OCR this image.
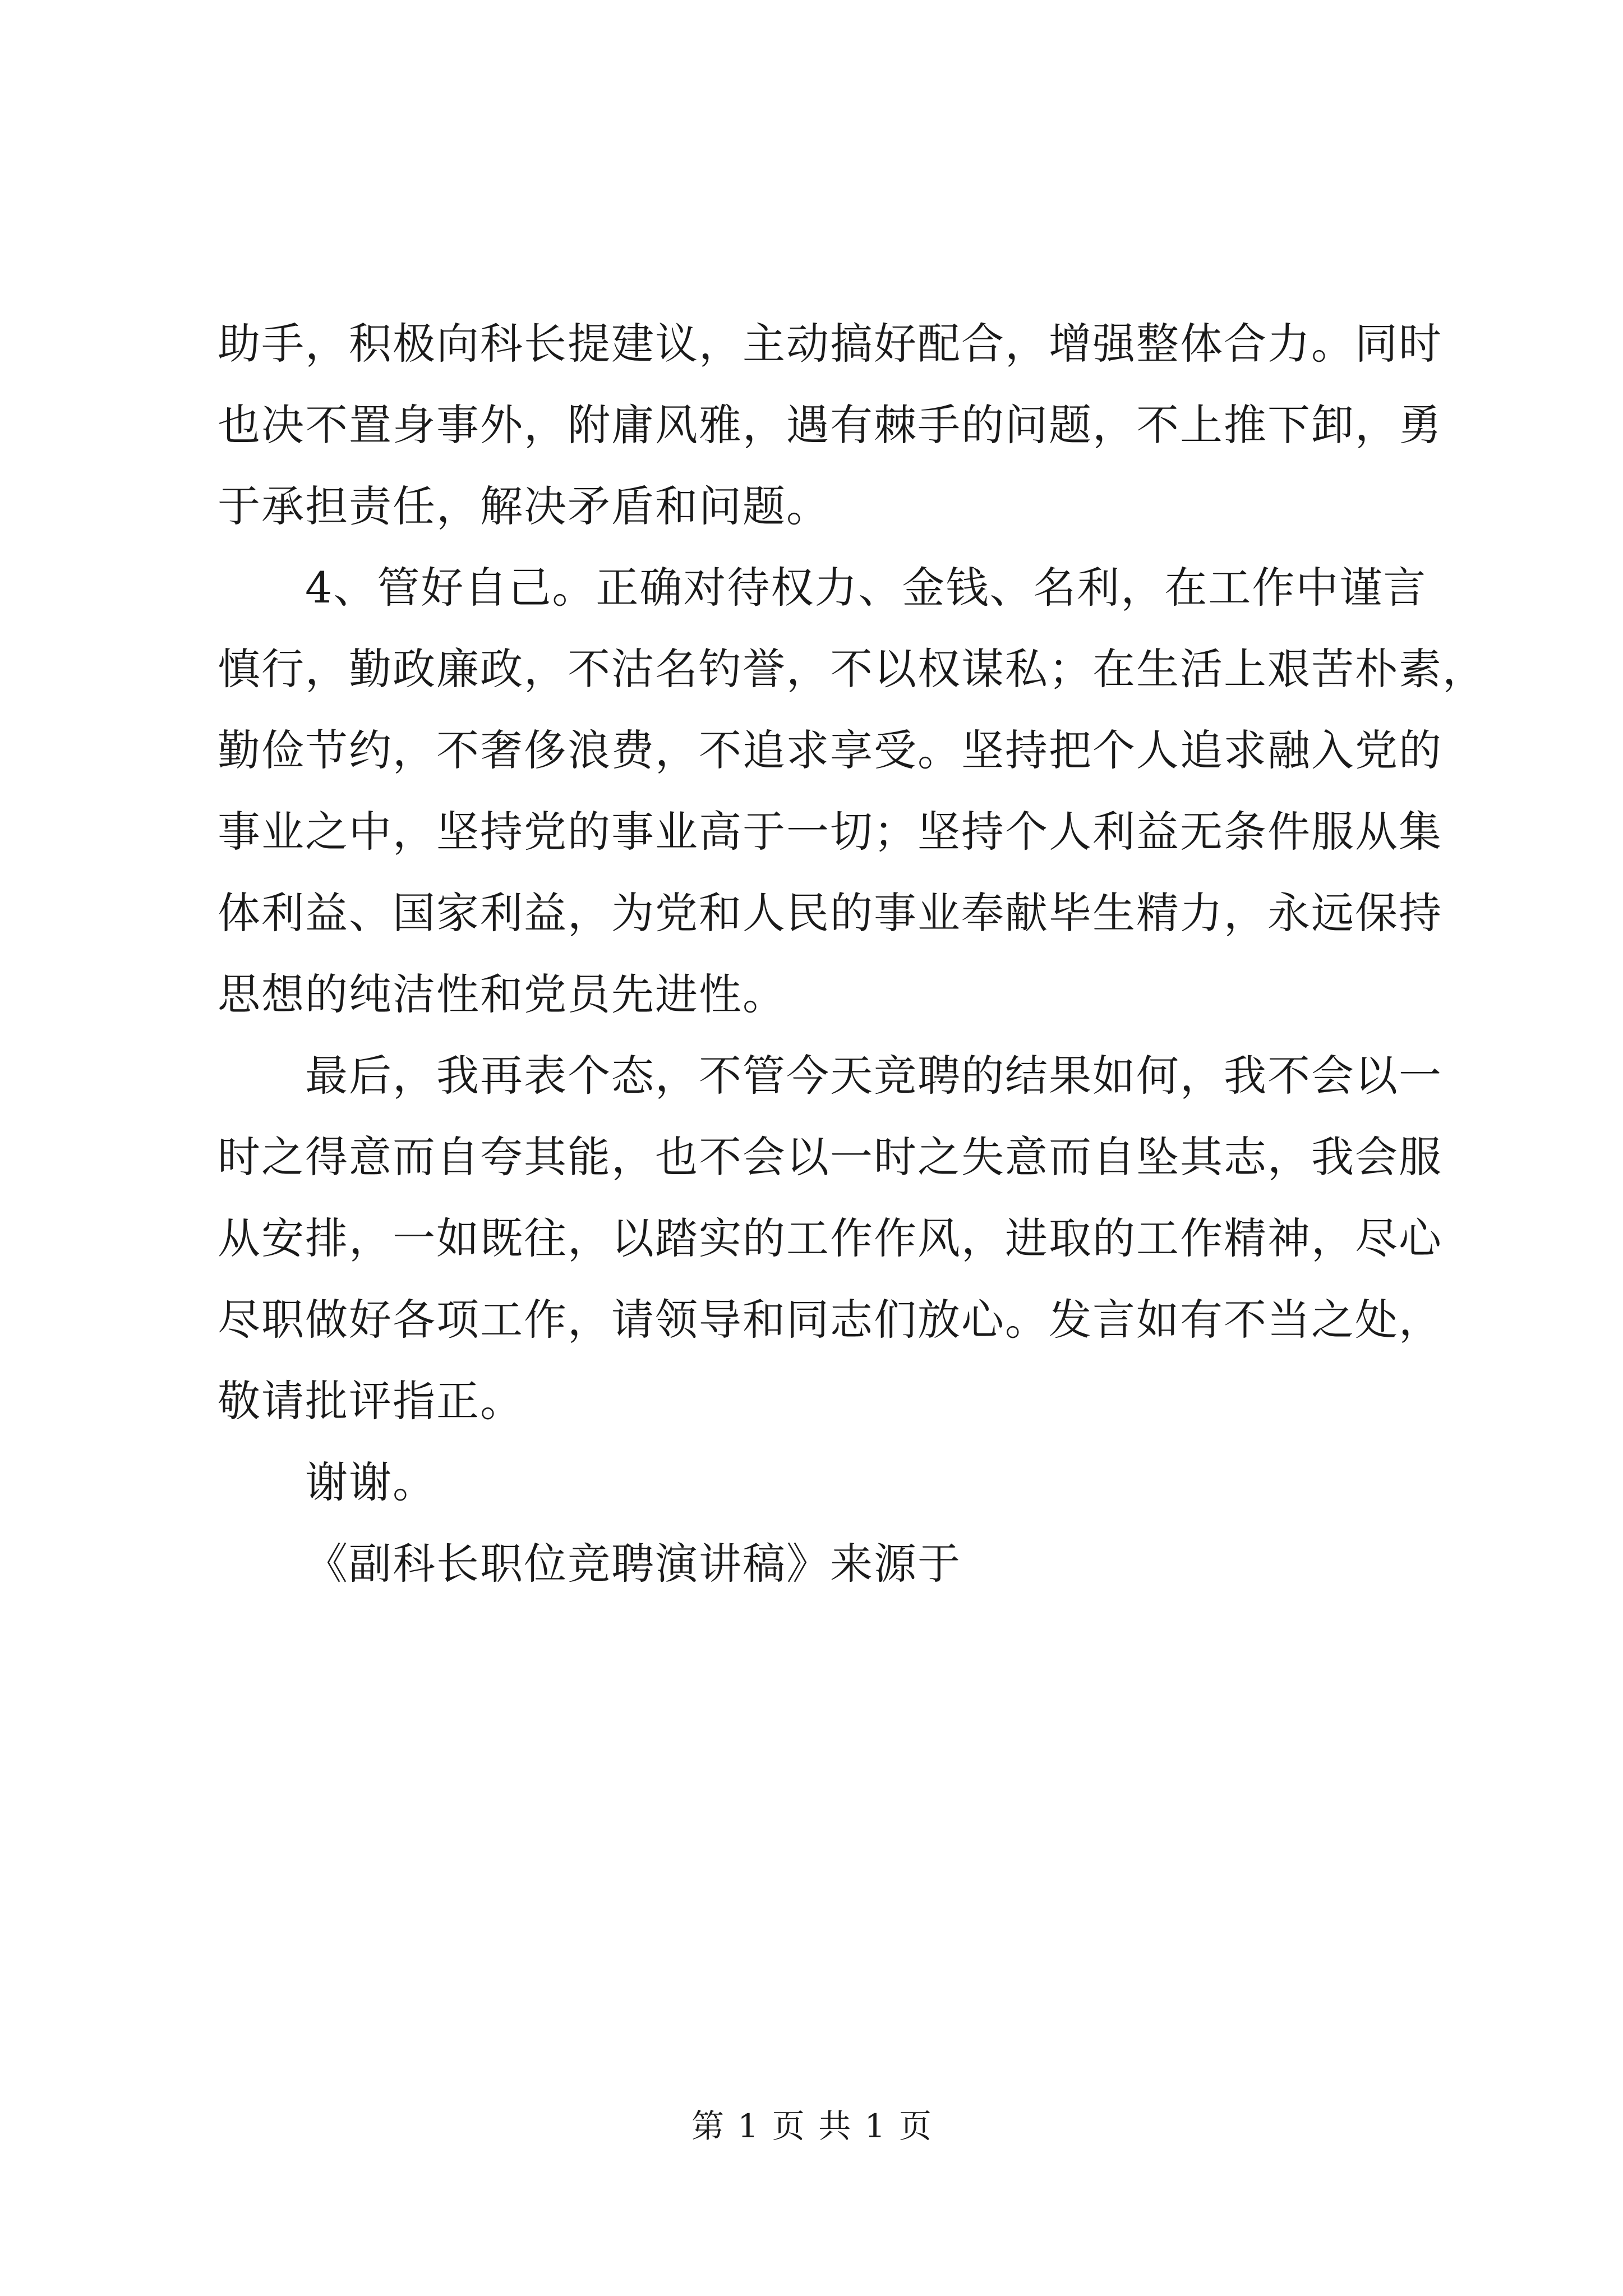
助手，积极向科长提建议，主动搞好配合，增强整体合力。同时
也决不置身事外，附庸风雅，遇有棘手的问题，不上推下卸，勇
于承担责任，解决矛盾和问题。
4、管好自己。正确对待权力、金钱、名利，在工作中谨言
慎行，勤政廉政，不沽名钓誉，不以权谋私；在生活上艰苦朴素，
勤俭节约，不奢侈浪费，不追求享受。坚持把个人追求融入党的
事业之中，坚持党的事业高于一切；坚持个人利益无条件服从集
体利益、国家利益，为党和人民的事业奉献毕生精力，永远保持
思想的纯洁性和党员先进性。
最后，我再表个态，不管今天竞聘的结果如何，我不会以一
时之得意而自夸其能，也不会以一时之失意而自坠其志，我会服
从安排，一如既往，以踏实的工作作风，进取的工作精神，尽心
尽职做好各项工作，请领导和同志们放心。发言如有不当之处，
敬请批评指正。
谢谢。
《副科长职位竞聘演讲稿》来源于
第 1 页 共 1 页
